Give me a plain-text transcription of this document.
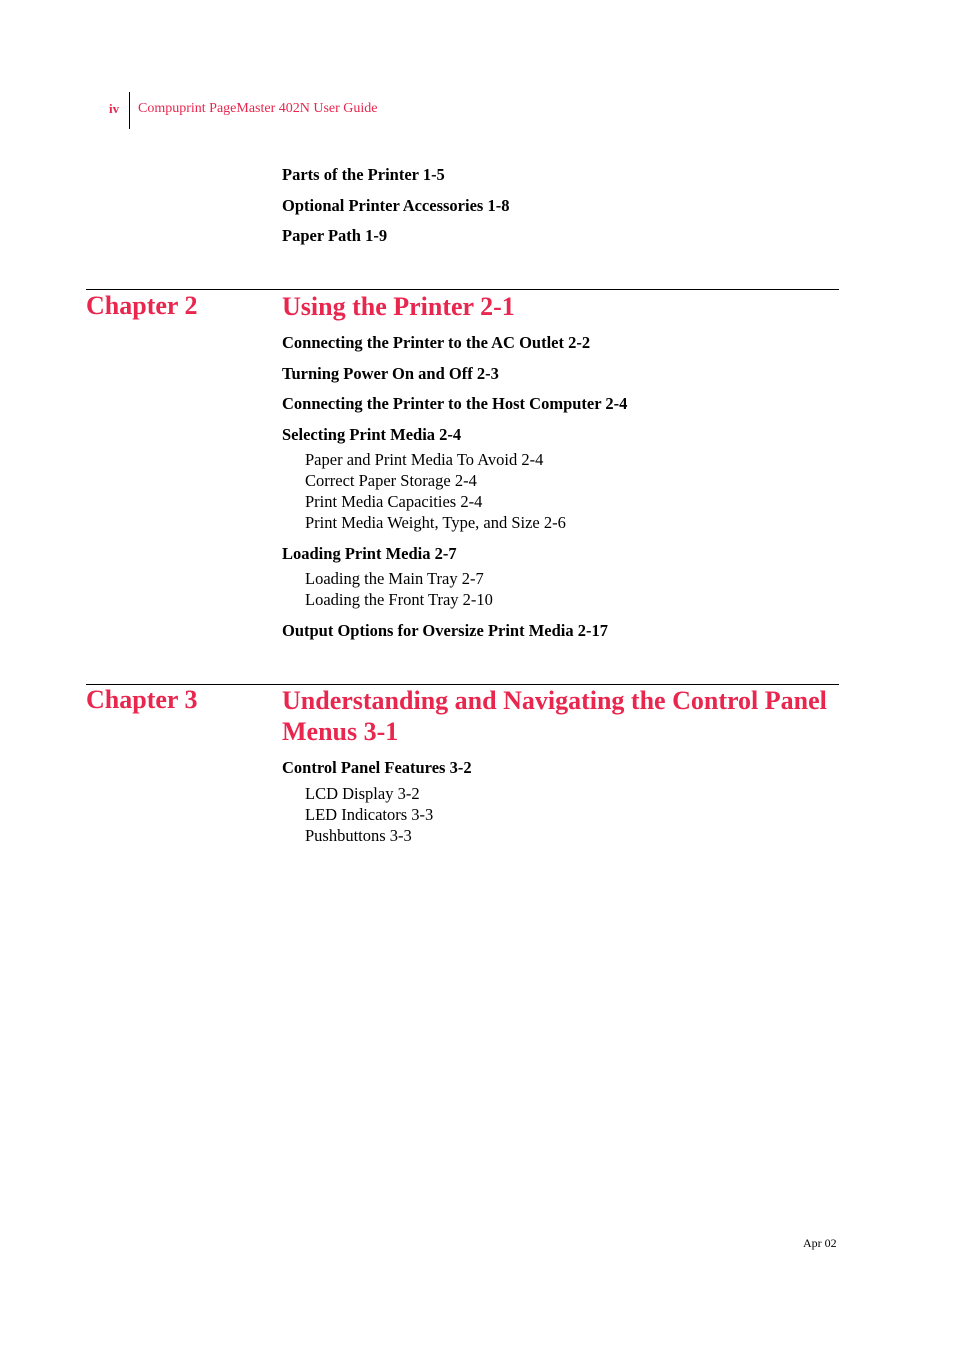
iv Compuprint PageMaster 402N User Guide
Parts of the Printer 1-5
Optional Printer Accessories 1-8
Paper Path 1-9
Chapter 2	Using the Printer 2-1
Connecting the Printer to the AC Outlet 2-2
Turning Power On and Off 2-3
Connecting the Printer to the Host Computer 2-4
Selecting Print Media 2-4
Paper and Print Media To Avoid 2-4
Correct Paper Storage 2-4
Print Media Capacities 2-4
Print Media Weight, Type, and Size 2-6
Loading Print Media 2-7
Loading the Main Tray 2-7
Loading the Front Tray 2-10
Output Options for Oversize Print Media 2-17
Chapter 3	Understanding and Navigating the Control Panel Menus 3-1
Control Panel Features 3-2
LCD Display 3-2
LED Indicators 3-3
Pushbuttons 3-3
Apr 02
